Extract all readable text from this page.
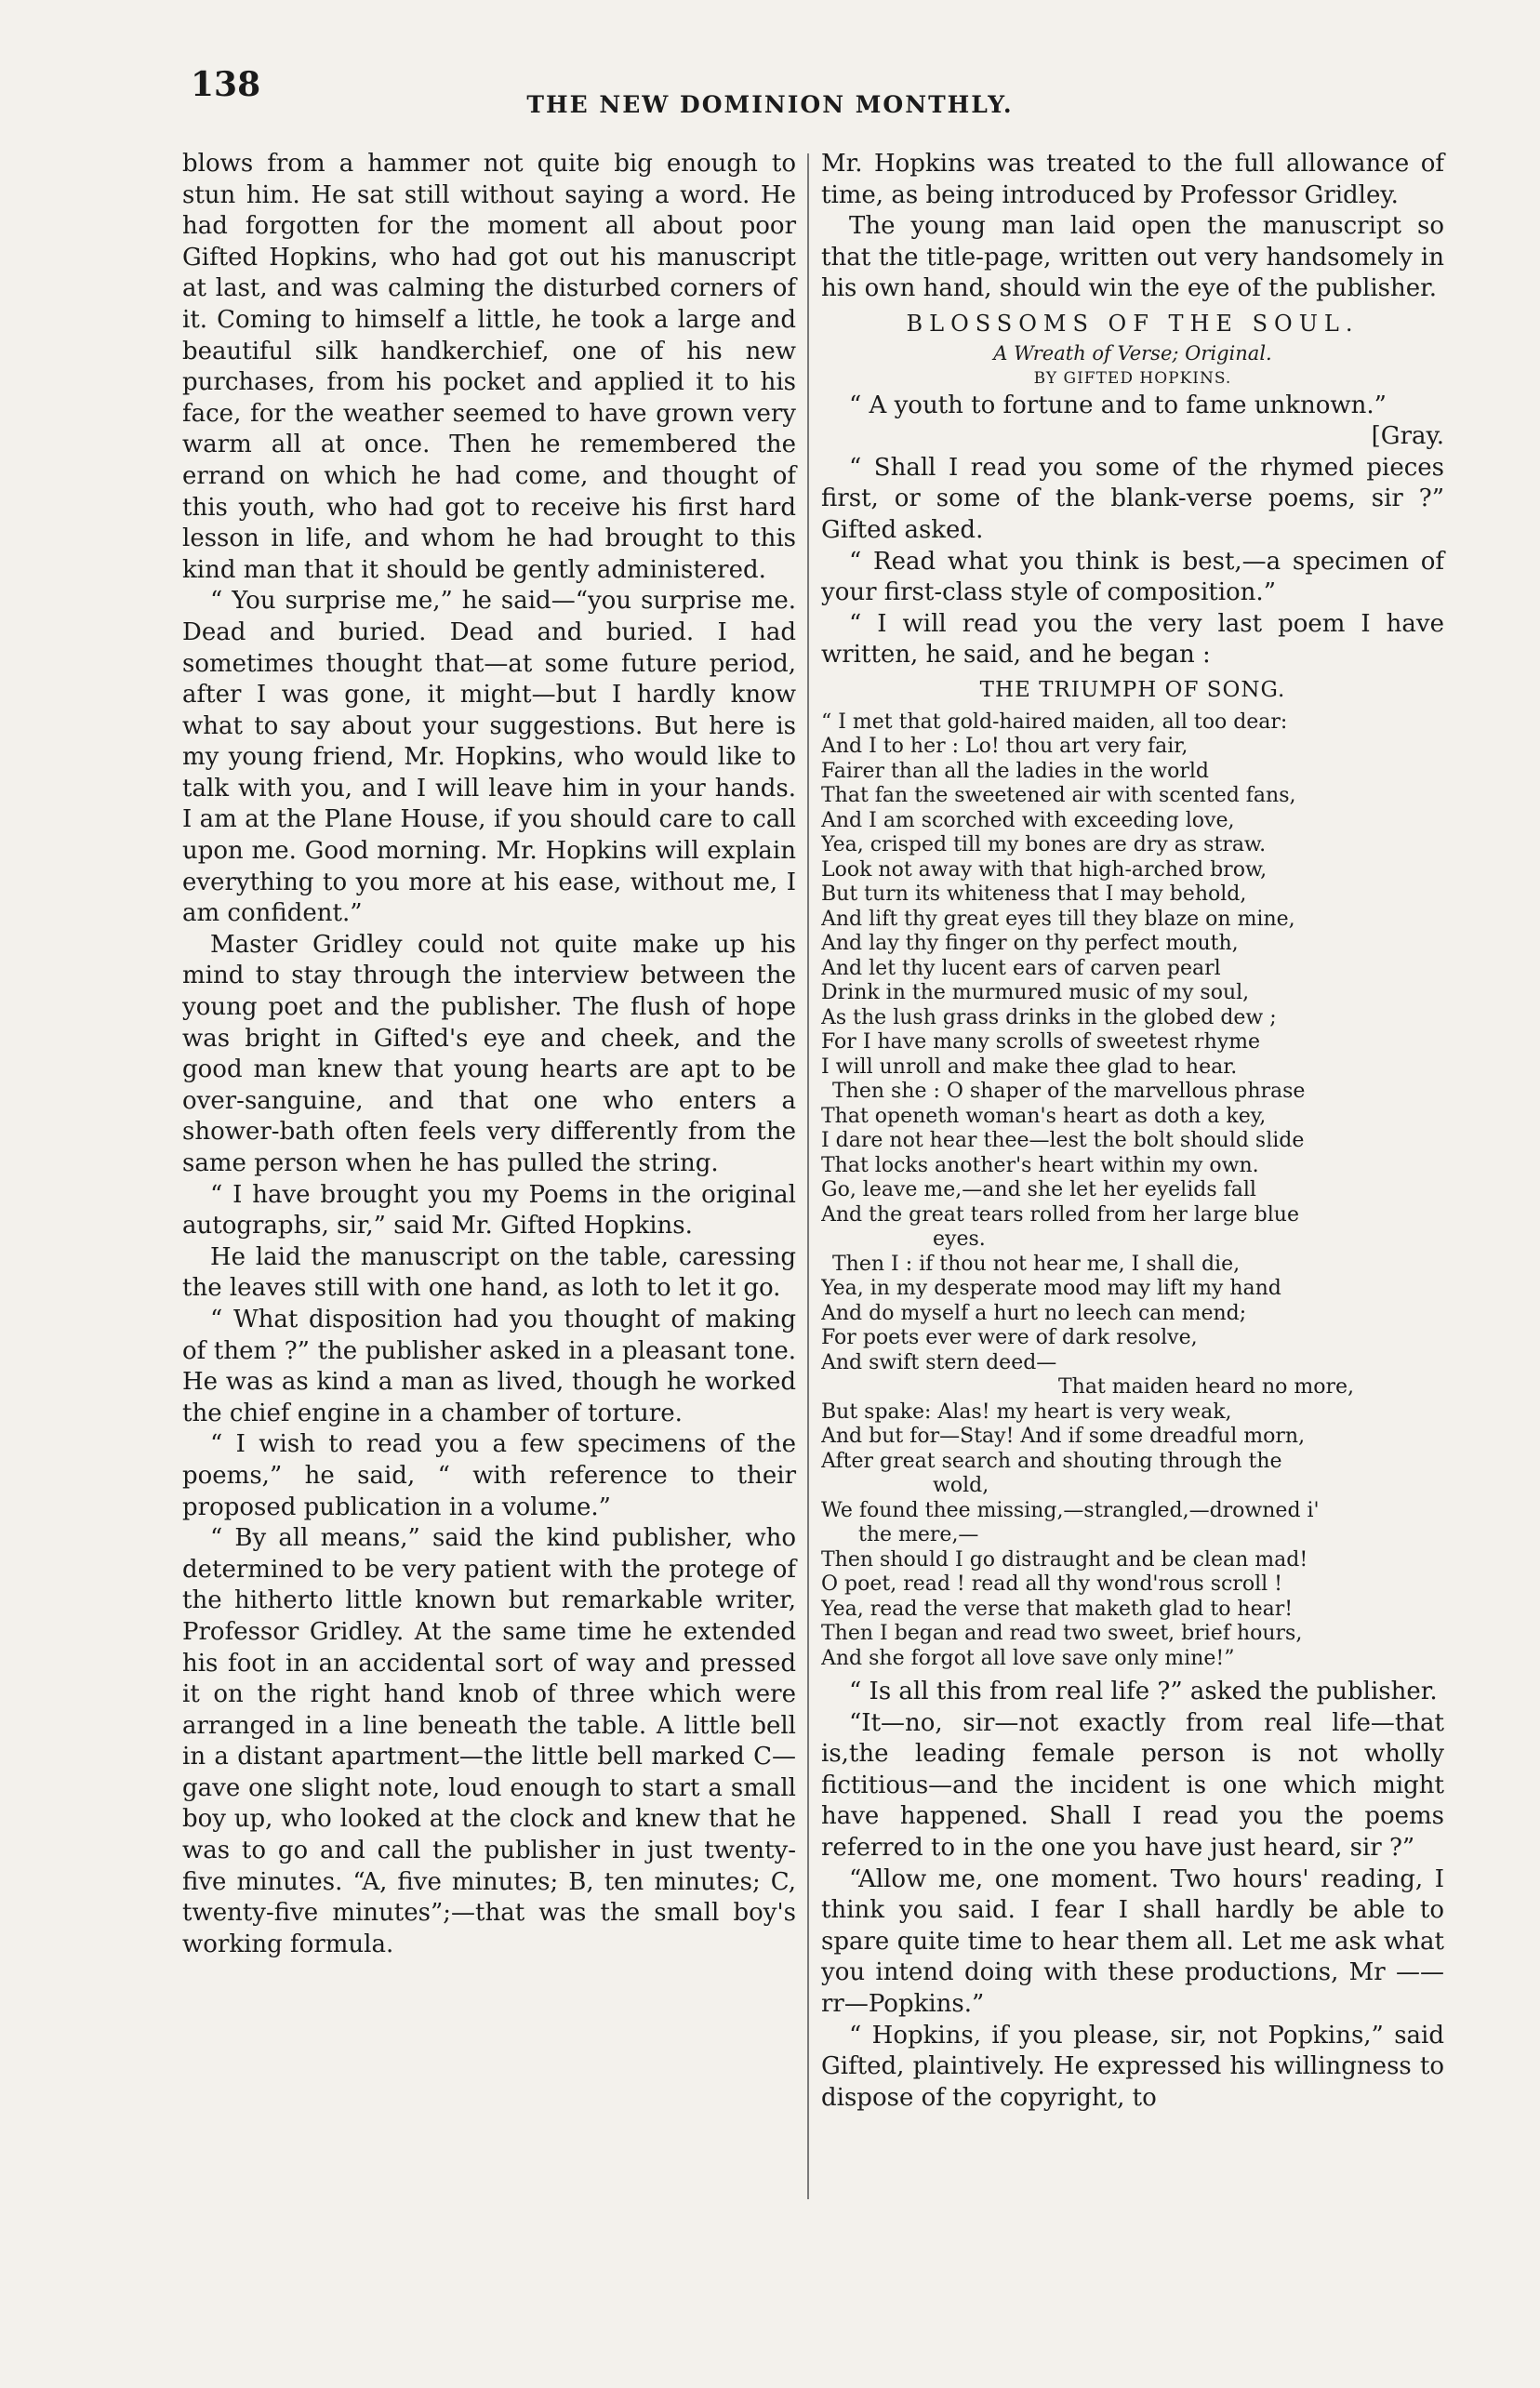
138
THE NEW DOMINION MONTHLY.

blows from a hammer not quite big enough to stun him. He sat still without saying a word. He had forgotten for the moment all about poor Gifted Hopkins, who had got out his manuscript at last, and was calming the disturbed corners of it. Coming to himself a little, he took a large and beautiful silk handkerchief, one of his new purchases, from his pocket and applied it to his face, for the weather seemed to have grown very warm all at once. Then he remembered the errand on which he had come, and thought of this youth, who had got to receive his first hard lesson in life, and whom he had brought to this kind man that it should be gently administered.

“ You surprise me,” he said—“you surprise me. Dead and buried. Dead and buried. I had sometimes thought that—at some future period, after I was gone, it might—but I hardly know what to say about your suggestions. But here is my young friend, Mr. Hopkins, who would like to talk with you, and I will leave him in your hands. I am at the Plane House, if you should care to call upon me. Good morning. Mr. Hopkins will explain everything to you more at his ease, without me, I am confident.”

Master Gridley could not quite make up his mind to stay through the interview between the young poet and the publisher. The flush of hope was bright in Gifted's eye and cheek, and the good man knew that young hearts are apt to be over-sanguine, and that one who enters a shower-bath often feels very differently from the same person when he has pulled the string.

“ I have brought you my Poems in the original autographs, sir,” said Mr. Gifted Hopkins.

He laid the manuscript on the table, caressing the leaves still with one hand, as loth to let it go.

“ What disposition had you thought of making of them ?” the publisher asked in a pleasant tone. He was as kind a man as lived, though he worked the chief engine in a chamber of torture.

“ I wish to read you a few specimens of the poems,” he said, “ with reference to their proposed publication in a volume.”

“ By all means,” said the kind publisher, who determined to be very patient with the protege of the hitherto little known but remarkable writer, Professor Gridley. At the same time he extended his foot in an accidental sort of way and pressed it on the right hand knob of three which were arranged in a line beneath the table. A little bell in a distant apartment—the little bell marked C—gave one slight note, loud enough to start a small boy up, who looked at the clock and knew that he was to go and call the publisher in just twenty-five minutes. “A, five minutes; B, ten minutes; C, twenty-five minutes”;—that was the small boy's working formula.

Mr. Hopkins was treated to the full allowance of time, as being introduced by Professor Gridley.

The young man laid open the manuscript so that the title-page, written out very handsomely in his own hand, should win the eye of the publisher.

BLOSSOMS OF THE SOUL.

A Wreath of Verse; Original.

BY GIFTED HOPKINS.

“ A youth to fortune and to fame unknown.”

[Gray.

“ Shall I read you some of the rhymed pieces first, or some of the blank-verse poems, sir ?” Gifted asked.

“ Read what you think is best,—a specimen of your first-class style of composition.”

“ I will read you the very last poem I have written, he said, and he began :

THE TRIUMPH OF SONG.

“ I met that gold-haired maiden, all too dear:
And I to her : Lo! thou art very fair,
Fairer than all the ladies in the world
That fan the sweetened air with scented fans,
And I am scorched with exceeding love,
Yea, crisped till my bones are dry as straw.
Look not away with that high-arched brow,
But turn its whiteness that I may behold,
And lift thy great eyes till they blaze on mine,
And lay thy finger on thy perfect mouth,
And let thy lucent ears of carven pearl
Drink in the murmured music of my soul,
As the lush grass drinks in the globed dew ;
For I have many scrolls of sweetest rhyme
I will unroll and make thee glad to hear.
Then she : O shaper of the marvellous phrase
That openeth woman's heart as doth a key,
I dare not hear thee—lest the bolt should slide
That locks another's heart within my own.
Go, leave me,—and she let her eyelids fall
And the great tears rolled from her large blue
eyes.
Then I : if thou not hear me, I shall die,
Yea, in my desperate mood may lift my hand
And do myself a hurt no leech can mend;
For poets ever were of dark resolve,
And swift stern deed—
That maiden heard no more,
But spake: Alas! my heart is very weak,
And but for—Stay! And if some dreadful morn,
After great search and shouting through the
wold,
We found thee missing,—strangled,—drowned i'
the mere,—
Then should I go distraught and be clean mad!
O poet, read ! read all thy wond'rous scroll !
Yea, read the verse that maketh glad to hear!
Then I began and read two sweet, brief hours,
And she forgot all love save only mine!”

“ Is all this from real life ?” asked the publisher.

“It—no, sir—not exactly from real life—that is,the leading female person is not wholly fictitious—and the incident is one which might have happened. Shall I read you the poems referred to in the one you have just heard, sir ?”

“Allow me, one moment. Two hours' reading, I think you said. I fear I shall hardly be able to spare quite time to hear them all. Let me ask what you intend doing with these productions, Mr ——rr—Popkins.”

“ Hopkins, if you please, sir, not Popkins,” said Gifted, plaintively. He expressed his willingness to dispose of the copyright, to
